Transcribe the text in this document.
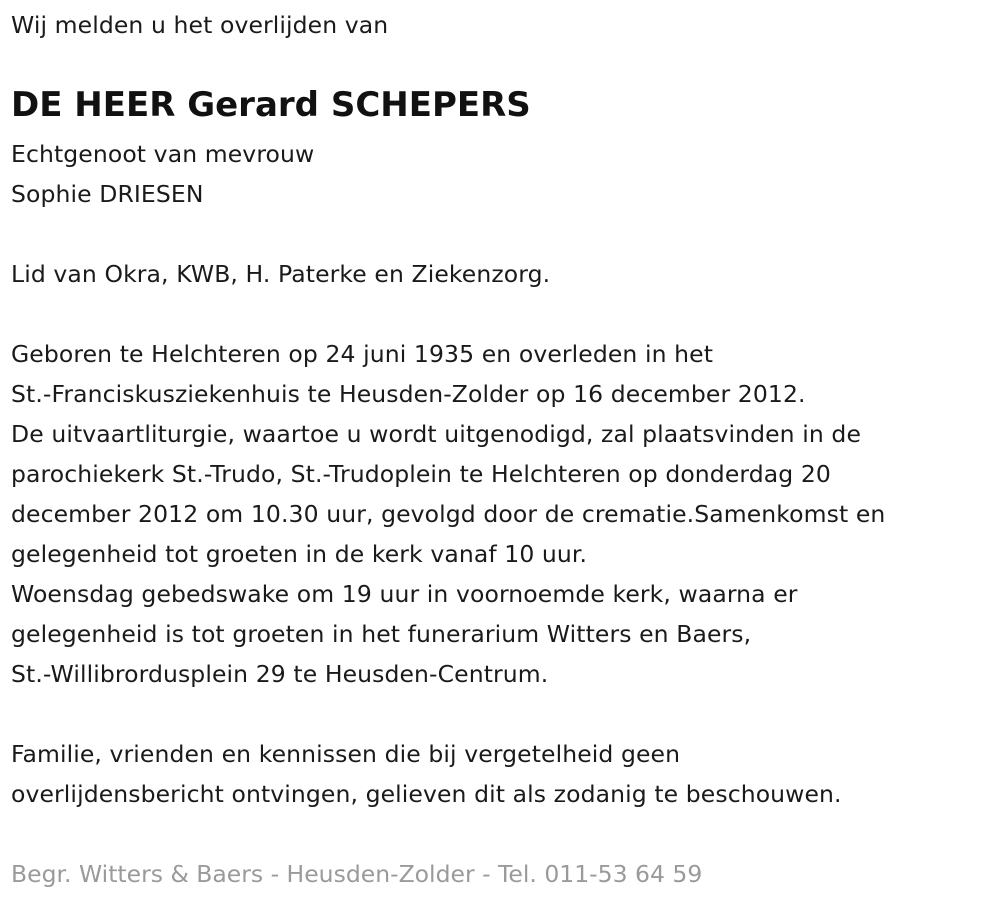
Wij melden u het overlijden van
DE HEER Gerard SCHEPERS
Echtgenoot van mevrouw
Sophie DRIESEN
Lid van Okra, KWB, H. Paterke en Ziekenzorg.
Geboren te Helchteren op 24 juni 1935 en overleden in het
St.-Franciskusziekenhuis te Heusden-Zolder op 16 december 2012.
De uitvaartliturgie, waartoe u wordt uitgenodigd, zal plaatsvinden in de
parochiekerk St.-Trudo, St.-Trudoplein te Helchteren op donderdag 20
december 2012 om 10.30 uur, gevolgd door de crematie.Samenkomst en
gelegenheid tot groeten in de kerk vanaf 10 uur.
Woensdag gebedswake om 19 uur in voornoemde kerk, waarna er
gelegenheid is tot groeten in het funerarium Witters en Baers,
St.-Willibrordusplein 29 te Heusden-Centrum.
Familie, vrienden en kennissen die bij vergetelheid geen
overlijdensbericht ontvingen, gelieven dit als zodanig te beschouwen.
Begr. Witters & Baers - Heusden-Zolder - Tel. 011-53 64 59
